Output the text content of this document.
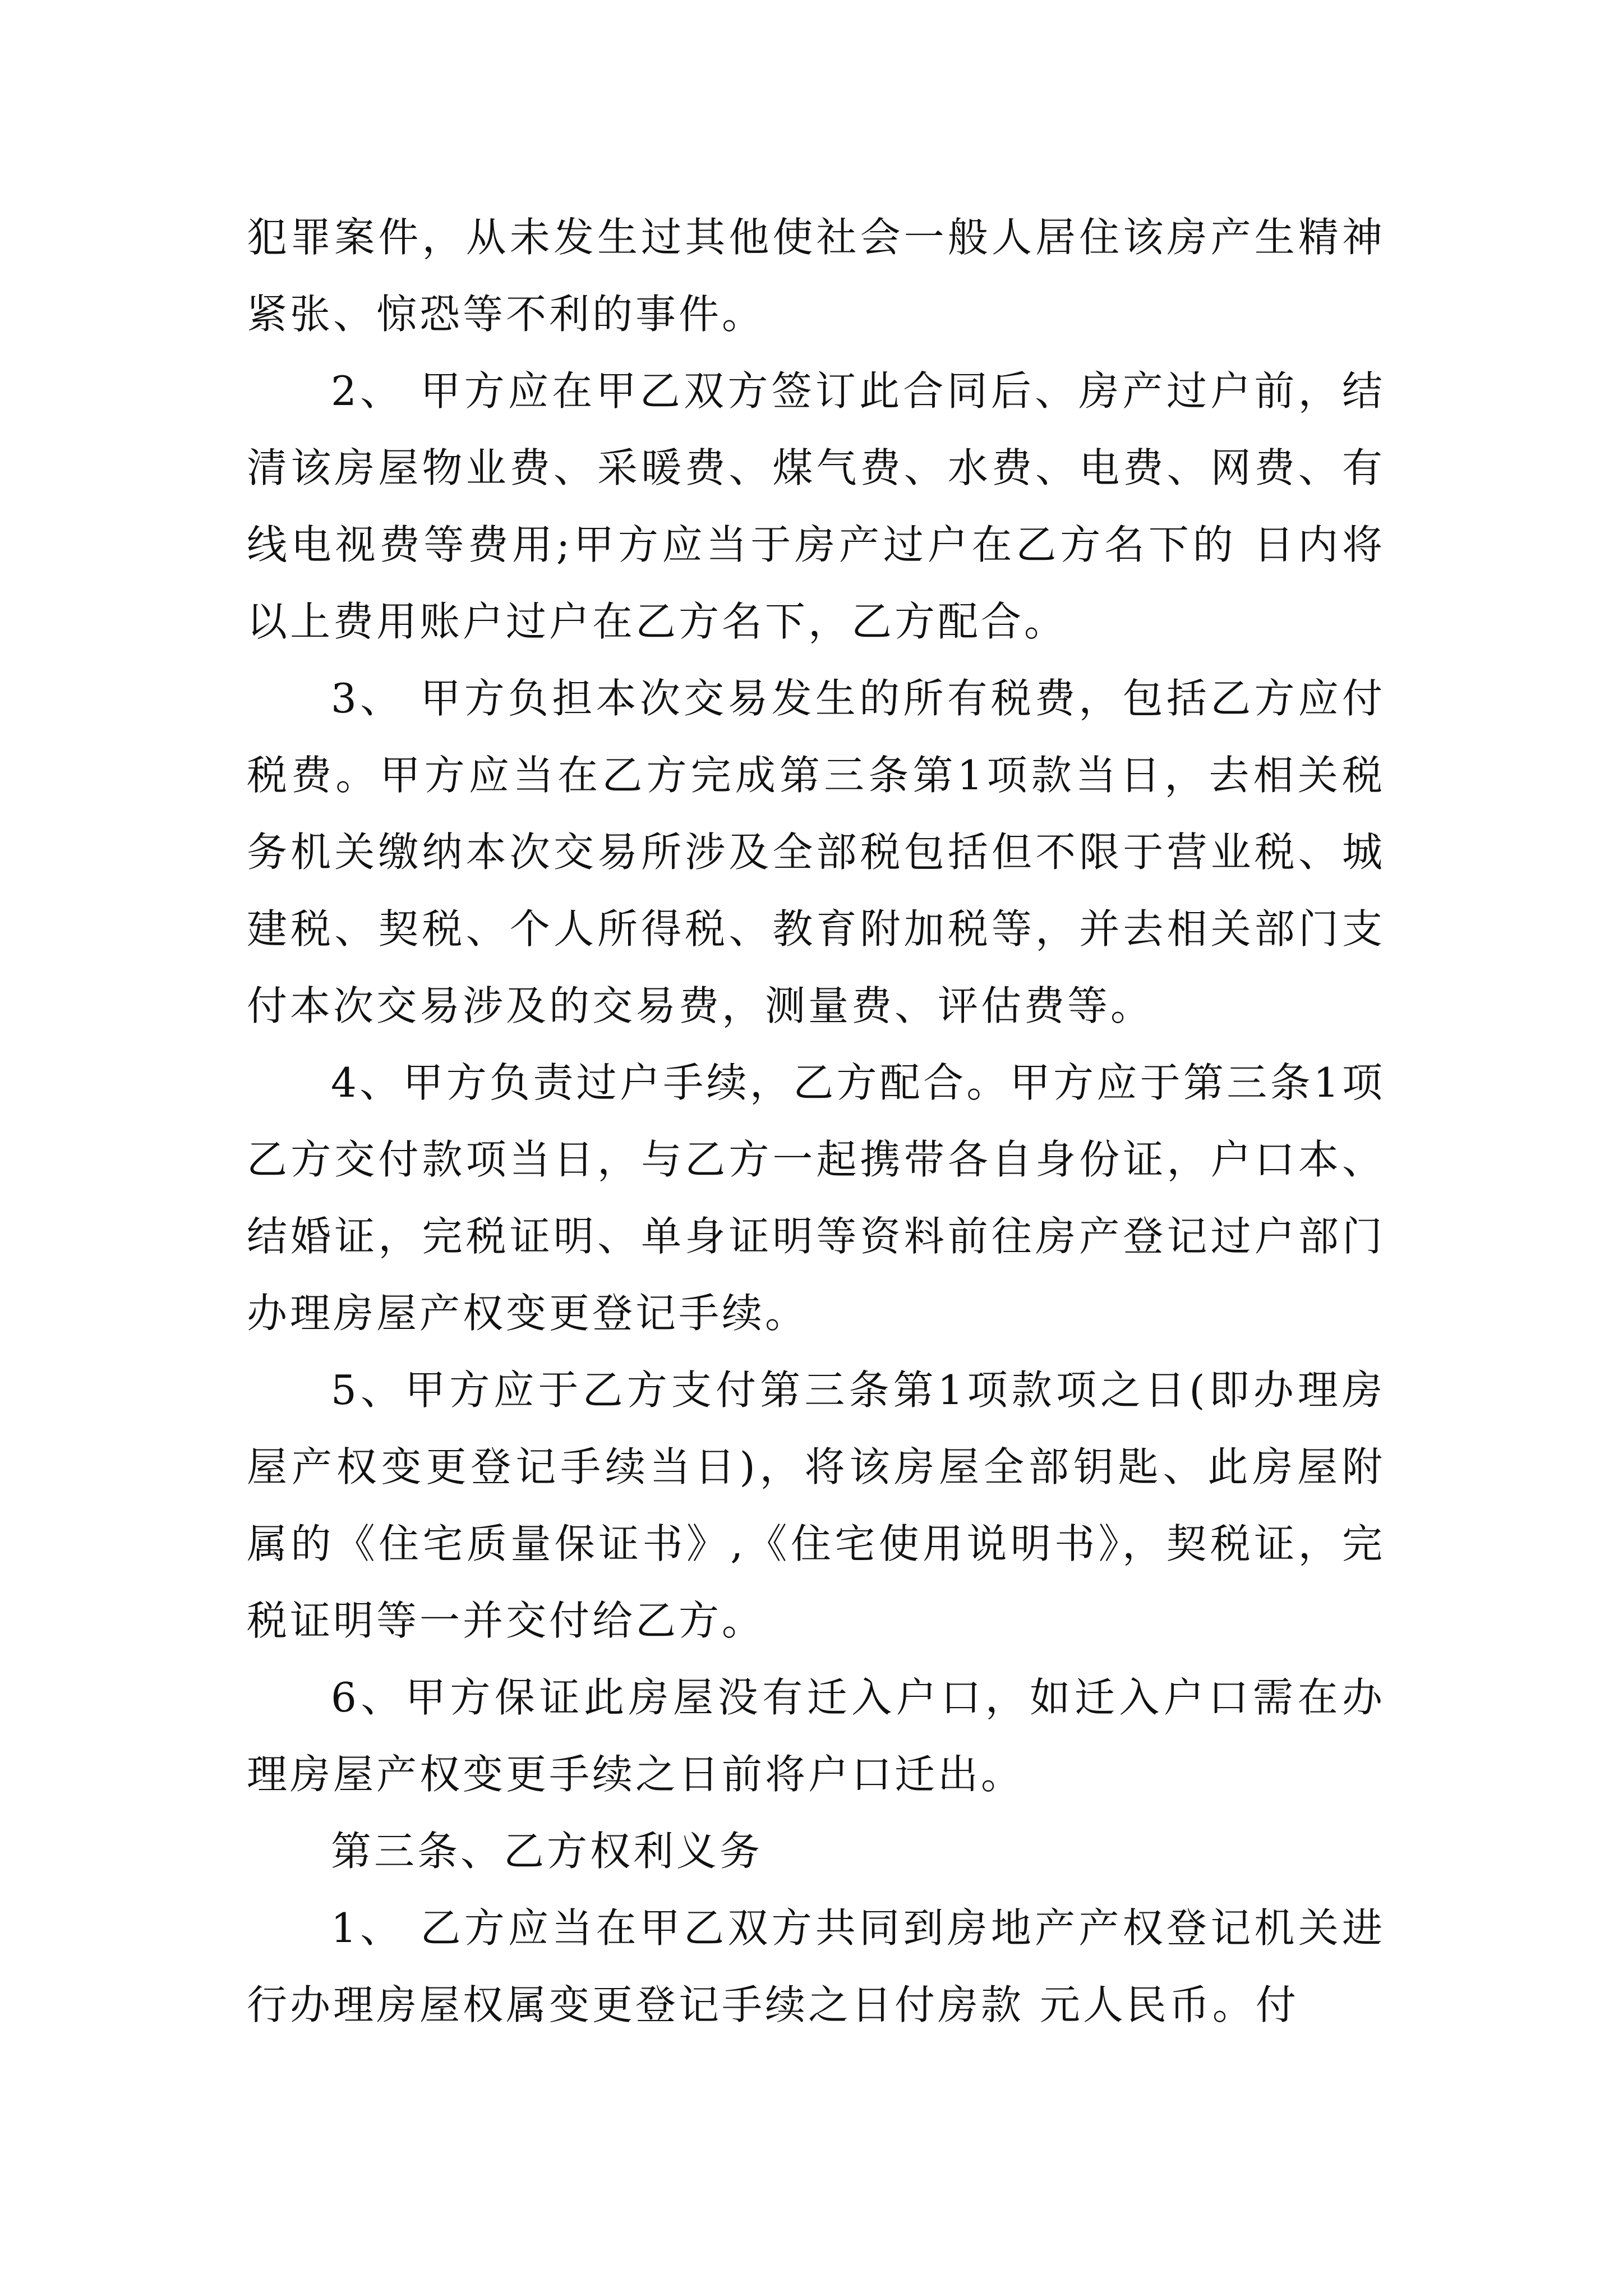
犯罪案件，从未发生过其他使社会一般人居住该房产生精神紧张、惊恐等不利的事件。

2、 甲方应在甲乙双方签订此合同后、房产过户前，结清该房屋物业费、采暖费、煤气费、水费、电费、网费、有线电视费等费用;甲方应当于房产过户在乙方名下的 日内将以上费用账户过户在乙方名下，乙方配合。

3、 甲方负担本次交易发生的所有税费，包括乙方应付税费。甲方应当在乙方完成第三条第1项款当日，去相关税务机关缴纳本次交易所涉及全部税包括但不限于营业税、城建税、契税、个人所得税、教育附加税等，并去相关部门支付本次交易涉及的交易费，测量费、评估费等。

4、甲方负责过户手续，乙方配合。甲方应于第三条1项乙方交付款项当日，与乙方一起携带各自身份证，户口本、结婚证，完税证明、单身证明等资料前往房产登记过户部门办理房屋产权变更登记手续。

5、甲方应于乙方支付第三条第1项款项之日(即办理房屋产权变更登记手续当日)，将该房屋全部钥匙、此房屋附属的《住宅质量保证书》,《住宅使用说明书》，契税证，完税证明等一并交付给乙方。

6、甲方保证此房屋没有迁入户口，如迁入户口需在办理房屋产权变更手续之日前将户口迁出。

第三条、乙方权利义务

1、 乙方应当在甲乙双方共同到房地产产权登记机关进行办理房屋权属变更登记手续之日付房款 元人民币。付
